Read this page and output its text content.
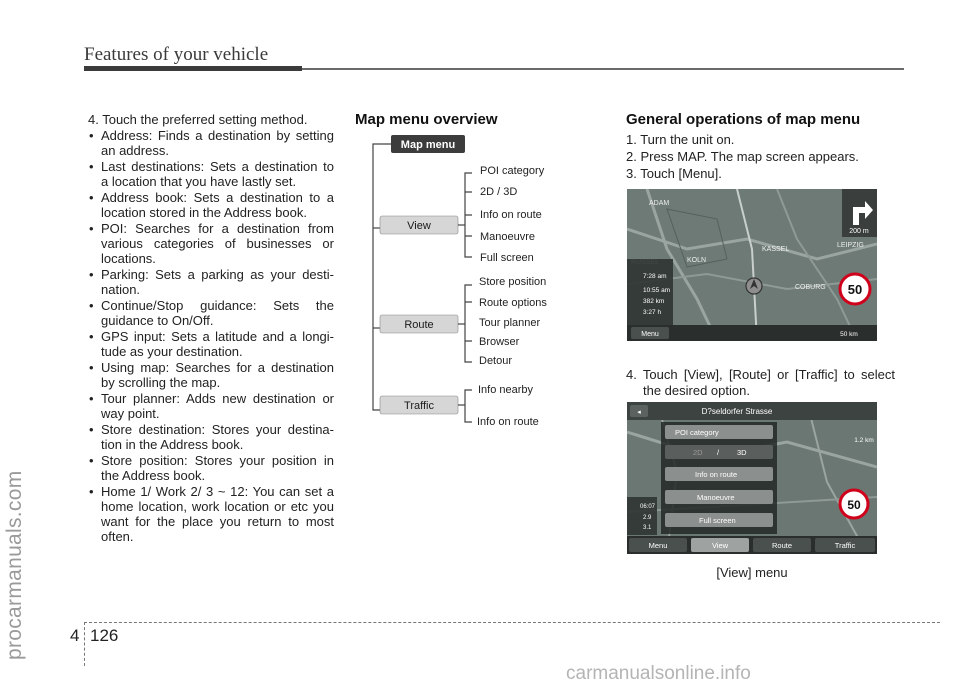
Features of your vehicle
procarmanuals.com

4. Touch the preferred setting method.

• Address: Finds a destination by setting an address.
• Last destinations: Sets a destination to a location that you have lastly set.
• Address book: Sets a destination to a location stored in the Address book.
• POI: Searches for a destination from various categories of businesses or locations.
• Parking: Sets a parking as your desti-nation.
• Continue/Stop guidance: Sets the guidance to On/Off.
• GPS input: Sets a latitude and a longi-tude as your destination.
• Using map: Searches for a destination by scrolling the map.
• Tour planner: Adds new destination or way point.
• Store destination: Stores your destina-tion in the Address book.
• Store position: Stores your position in the Address book.
• Home 1/ Work 2/ 3 ~ 12: You can set a home location, work location or etc you want for the place you return to most often.
Map menu overview
Map menu
View
POI category
2D / 3D
Info on route
Manoeuvre
Full screen
Route
Store position
Route options
Tour planner
Browser
Detour
Traffic
Info nearby
Info on route
General operations of map menu

1. Turn the unit on.

2. Press MAP. The map screen appears.

3. Touch [Menu].

ADAM
KASSEL
LEIPZIG
KOLN
COBURG
200 m
7:28 am
10:55 am
382 km
3:27 h
50
Menu	50 km
4. Touch [View], [Route] or [Traffic] to select the desired option.
◂	D?seldorfer Strasse
1.2 km
POI category
2D / 3D
Info on route
Manoeuvre
Full screen
06:07
2.9
3.1
50
Menu	View	Route	Traffic
[View] menu
4 126
carmanualsonline.info
